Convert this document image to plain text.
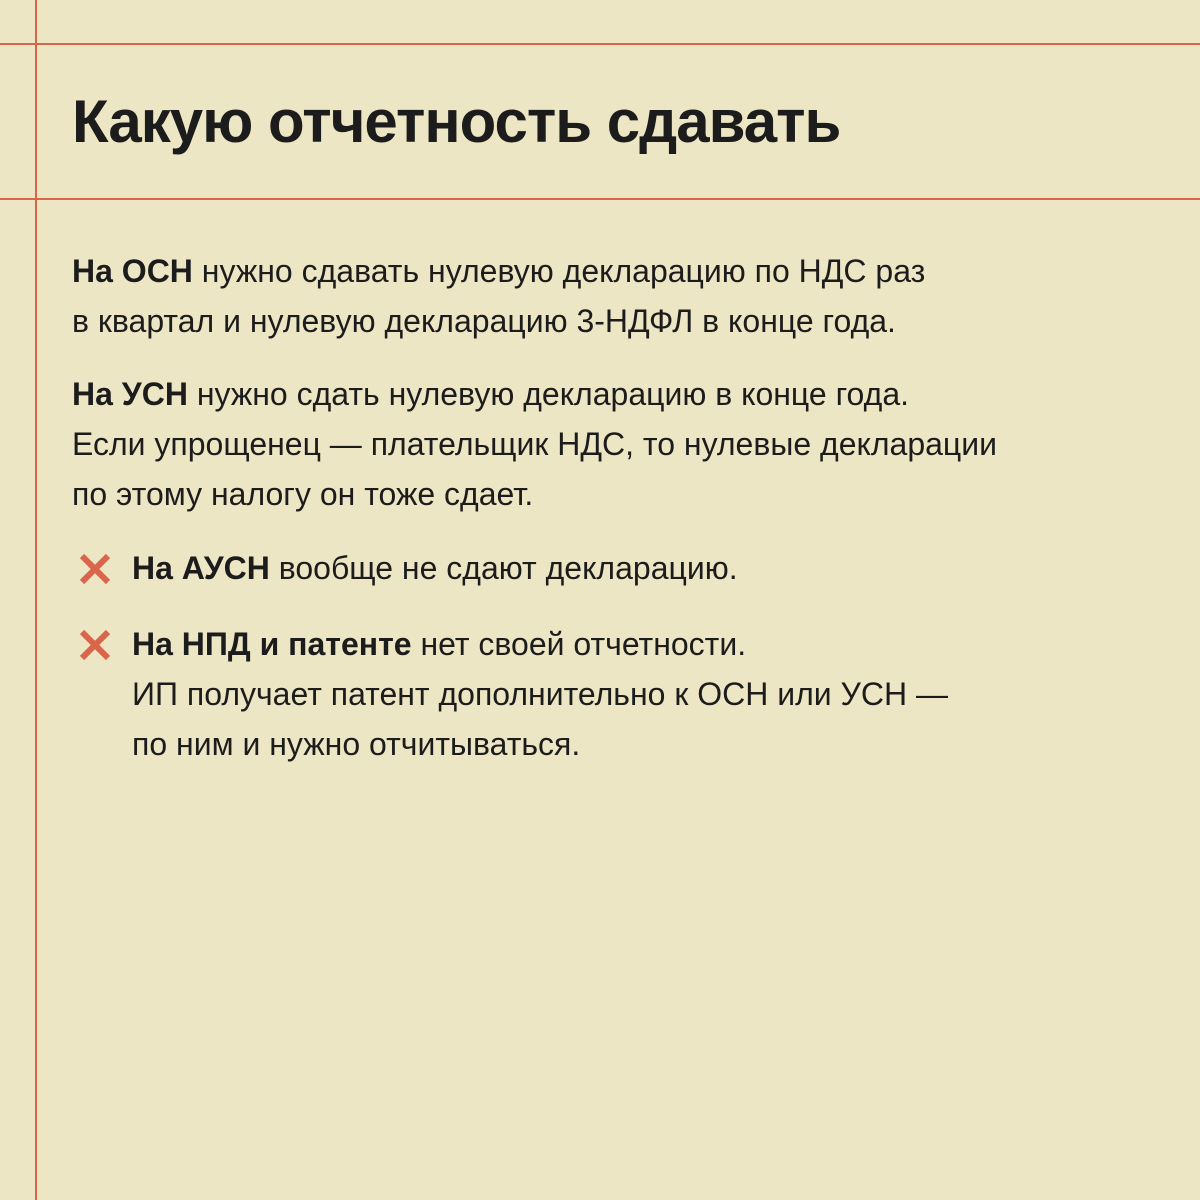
Какую отчетность сдавать

На ОСН нужно сдавать нулевую декларацию по НДС раз
в квартал и нулевую декларацию 3-НДФЛ в конце года.

На УСН нужно сдать нулевую декларацию в конце года.
Если упрощенец — плательщик НДС, то нулевые декларации
по этому налогу он тоже сдает.

На АУСН вообще не сдают декларацию.
На НПД и патенте нет своей отчетности.
ИП получает патент дополнительно к ОСН или УСН —
по ним и нужно отчитываться.
